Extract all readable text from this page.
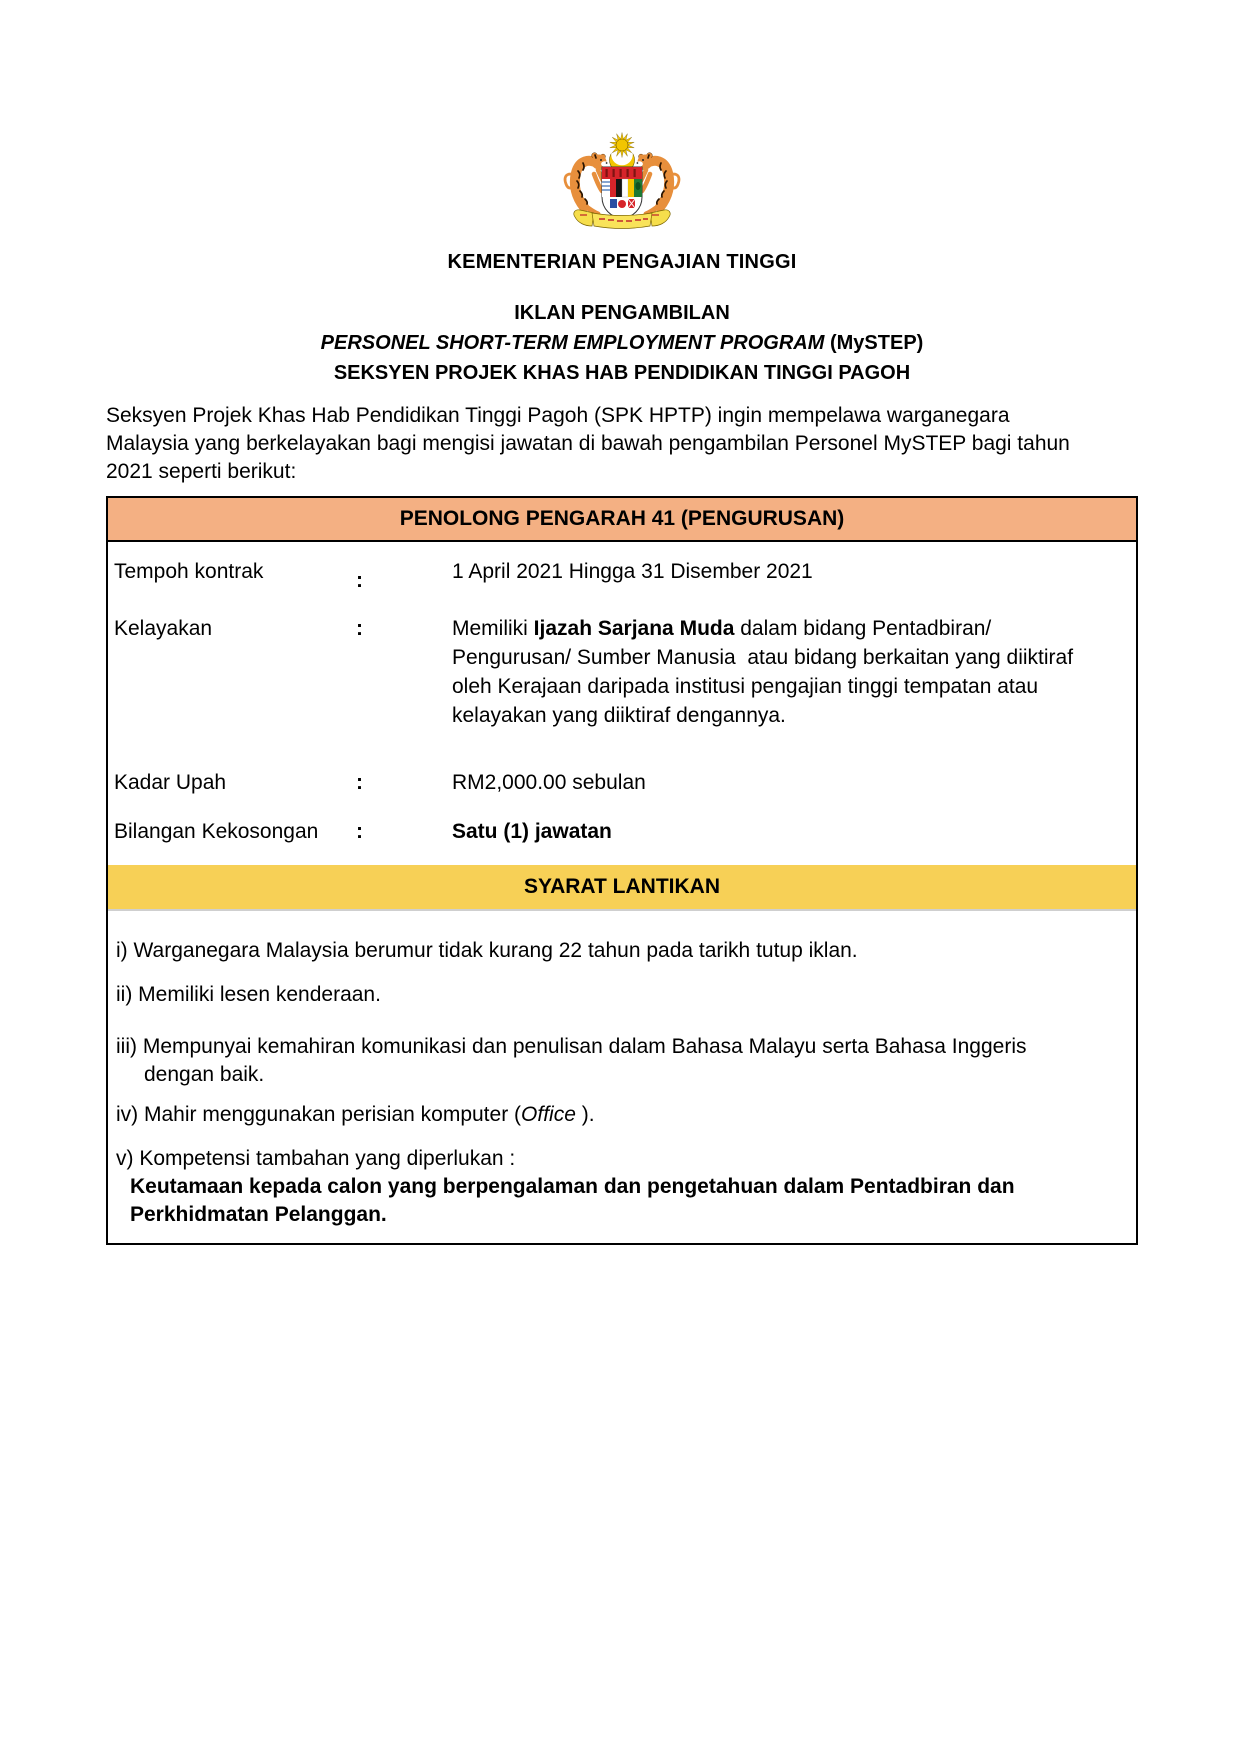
KEMENTERIAN PENGAJIAN TINGGI
IKLAN PENGAMBILAN
PERSONEL SHORT-TERM EMPLOYMENT PROGRAM (MySTEP)
SEKSYEN PROJEK KHAS HAB PENDIDIKAN TINGGI PAGOH
Seksyen Projek Khas Hab Pendidikan Tinggi Pagoh (SPK HPTP) ingin mempelawa warganegara
Malaysia yang berkelayakan bagi mengisi jawatan di bawah pengambilan Personel MySTEP bagi tahun
2021 seperti berikut:
PENOLONG PENGARAH 41 (PENGURUSAN)
Tempoh kontrak	:	1 April 2021 Hingga 31 Disember 2021
Kelayakan	:	Memiliki Ijazah Sarjana Muda dalam bidang Pentadbiran/
Pengurusan/ Sumber Manusia  atau bidang berkaitan yang diiktiraf
oleh Kerajaan daripada institusi pengajian tinggi tempatan atau
kelayakan yang diiktiraf dengannya.
Kadar Upah	:	RM2,000.00 sebulan
Bilangan Kekosongan	:	Satu (1) jawatan
SYARAT LANTIKAN
i) Warganegara Malaysia berumur tidak kurang 22 tahun pada tarikh tutup iklan.
ii) Memiliki lesen kenderaan.
iii) Mempunyai kemahiran komunikasi dan penulisan dalam Bahasa Malayu serta Bahasa Inggeris
dengan baik.
iv) Mahir menggunakan perisian komputer (Office ).
v) Kompetensi tambahan yang diperlukan :
Keutamaan kepada calon yang berpengalaman dan pengetahuan dalam Pentadbiran dan
Perkhidmatan Pelanggan.
